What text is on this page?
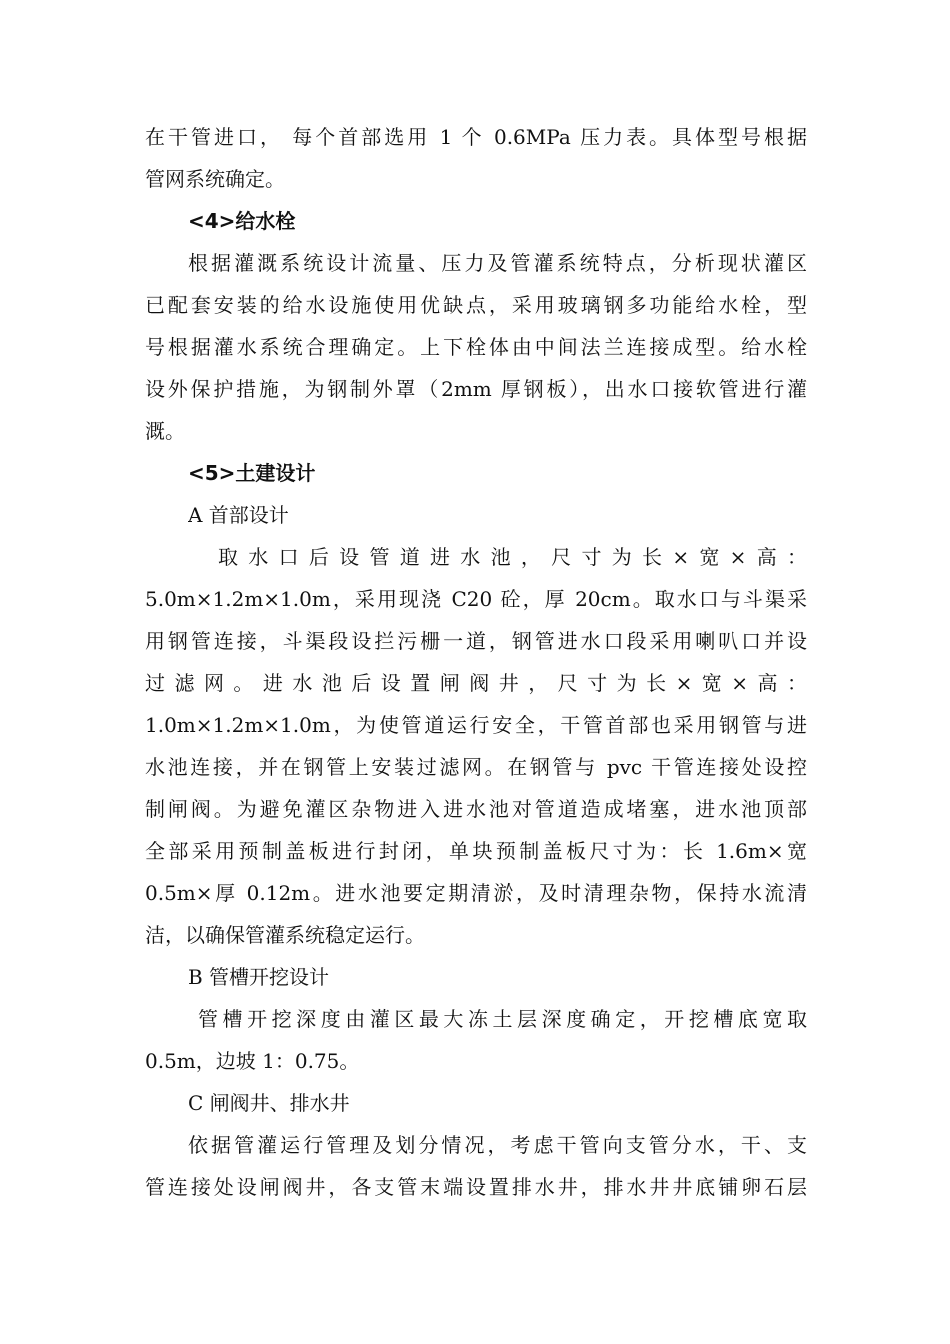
在干管进口， 每个首部选用 1 个 0.6MPa 压力表。具体型号根据
管网系统确定。
<4>给水栓
根据灌溉系统设计流量、压力及管灌系统特点，分析现状灌区
已配套安装的给水设施使用优缺点，采用玻璃钢多功能给水栓，型
号根据灌水系统合理确定。上下栓体由中间法兰连接成型。给水栓
设外保护措施，为钢制外罩（2mm 厚钢板），出水口接软管进行灌
溉。
<5>土建设计
A 首部设计
取水口后设管道进水池，尺寸为长×宽×高：
5.0m×1.2m×1.0m，采用现浇 C20 砼，厚 20cm。取水口与斗渠采
用钢管连接，斗渠段设拦污栅一道，钢管进水口段采用喇叭口并设
过滤网。进水池后设置闸阀井，尺寸为长×宽×高：
1.0m×1.2m×1.0m，为使管道运行安全，干管首部也采用钢管与进
水池连接，并在钢管上安装过滤网。在钢管与 pvc 干管连接处设控
制闸阀。为避免灌区杂物进入进水池对管道造成堵塞，进水池顶部
全部采用预制盖板进行封闭，单块预制盖板尺寸为：长 1.6m×宽
0.5m×厚 0.12m。进水池要定期清淤，及时清理杂物，保持水流清
洁，以确保管灌系统稳定运行。
B 管槽开挖设计
管槽开挖深度由灌区最大冻土层深度确定，开挖槽底宽取
0.5m，边坡 1：0.75。
C 闸阀井、排水井
依据管灌运行管理及划分情况，考虑干管向支管分水，干、支
管连接处设闸阀井，各支管末端设置排水井，排水井井底铺卵石层
